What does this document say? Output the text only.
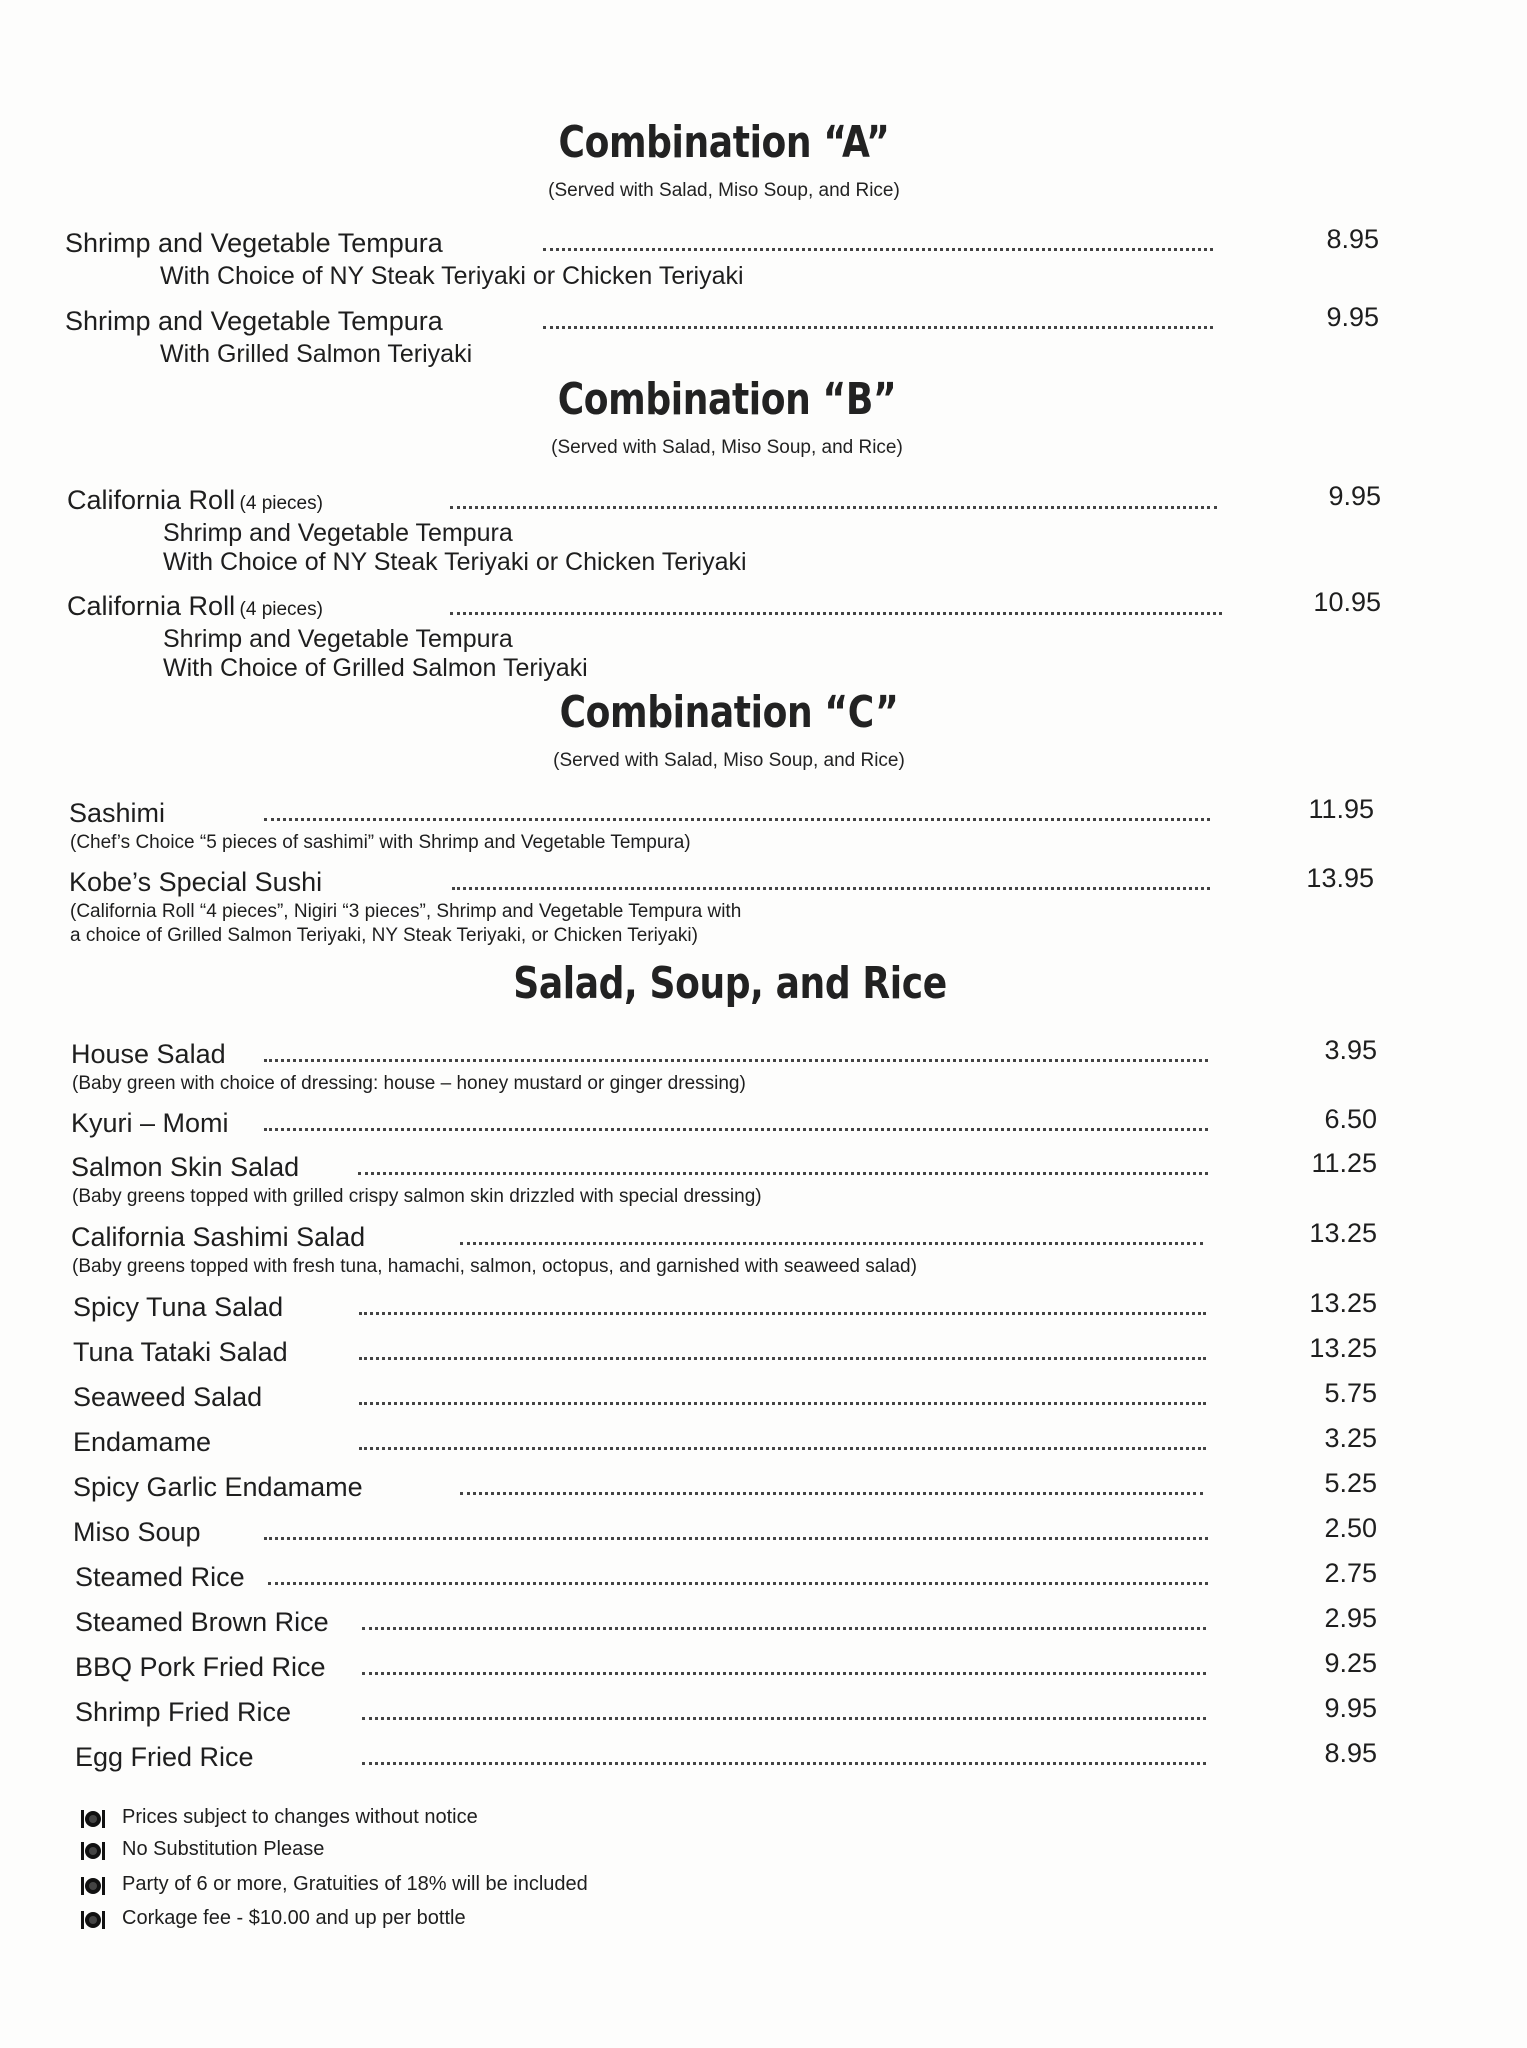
Combination “A”
(Served with Salad, Miso Soup, and Rice)
Shrimp and Vegetable Tempura	8.95
With Choice of NY Steak Teriyaki or Chicken Teriyaki
Shrimp and Vegetable Tempura	9.95
With Grilled Salmon Teriyaki
Combination “B”
(Served with Salad, Miso Soup, and Rice)
California Roll (4 pieces)	9.95
Shrimp and Vegetable Tempura
With Choice of NY Steak Teriyaki or Chicken Teriyaki
California Roll (4 pieces)	10.95
Shrimp and Vegetable Tempura
With Choice of Grilled Salmon Teriyaki
Combination “C”
(Served with Salad, Miso Soup, and Rice)
Sashimi	11.95
(Chef’s Choice “5 pieces of sashimi” with Shrimp and Vegetable Tempura)
Kobe’s Special Sushi	13.95
(California Roll “4 pieces”, Nigiri “3 pieces”, Shrimp and Vegetable Tempura with
a choice of Grilled Salmon Teriyaki, NY Steak Teriyaki, or Chicken Teriyaki)
Salad, Soup, and Rice
House Salad	3.95
(Baby green with choice of dressing: house – honey mustard or ginger dressing)
Kyuri – Momi	6.50
Salmon Skin Salad	11.25
(Baby greens topped with grilled crispy salmon skin drizzled with special dressing)
California Sashimi Salad	13.25
(Baby greens topped with fresh tuna, hamachi, salmon, octopus, and garnished with seaweed salad)
Spicy Tuna Salad	13.25
Tuna Tataki Salad	13.25
Seaweed Salad	5.75
Endamame	3.25
Spicy Garlic Endamame	5.25
Miso Soup	2.50
Steamed Rice	2.75
Steamed Brown Rice	2.95
BBQ Pork Fried Rice	9.25
Shrimp Fried Rice	9.95
Egg Fried Rice	8.95
Prices subject to changes without notice
No Substitution Please
Party of 6 or more, Gratuities of 18% will be included
Corkage fee - $10.00 and up per bottle
